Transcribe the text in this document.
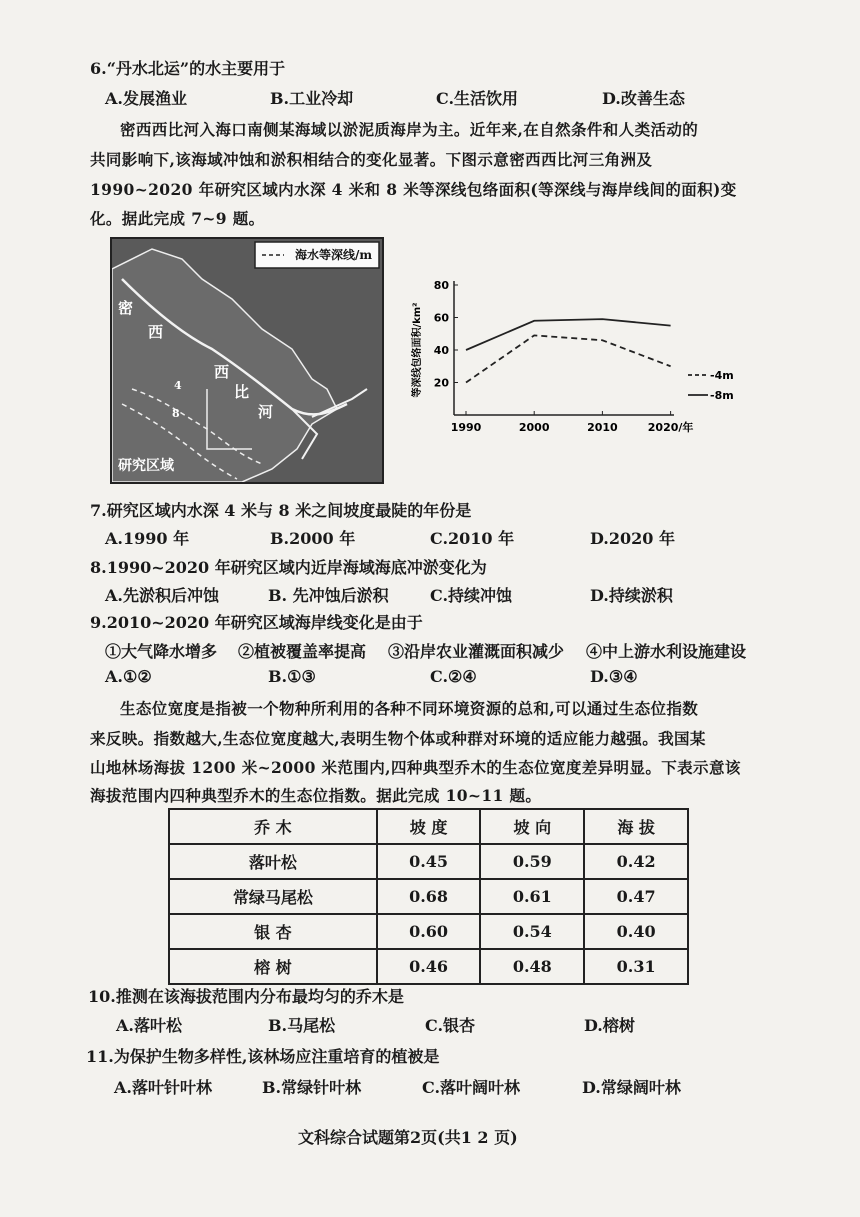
6.“丹水北运”的水主要用于
A.发展渔业	B.工业冷却	C.生活饮用	D.改善生态
密西西比河入海口南侧某海域以淤泥质海岸为主。近年来,在自然条件和人类活动的
共同影响下,该海域冲蚀和淤积相结合的变化显著。下图示意密西西比河三角洲及
1990~2020 年研究区域内水深 4 米和 8 米等深线包络面积(等深线与海岸线间的面积)变
化。据此完成 7~9 题。
海水等深线/m
密
西
西
比
河
4
8
研究区域
20
40
60
80
1990	2000	2010	2020/年
等深线包络面积/km²	-4m
-8m
7.研究区域内水深 4 米与 8 米之间坡度最陡的年份是
A.1990 年	B.2000 年	C.2010 年	D.2020 年
8.1990~2020 年研究区域内近岸海域海底冲淤变化为
A.先淤积后冲蚀	B. 先冲蚀后淤积	C.持续冲蚀	D.持续淤积
9.2010~2020 年研究区域海岸线变化是由于
①大气降水增多 ②植被覆盖率提高 ③沿岸农业灌溉面积减少 ④中上游水利设施建设
A.①②	B.①③	C.②④	D.③④
生态位宽度是指被一个物种所利用的各种不同环境资源的总和,可以通过生态位指数
来反映。指数越大,生态位宽度越大,表明生物个体或种群对环境的适应能力越强。我国某
山地林场海拔 1200 米~2000 米范围内,四种典型乔木的生态位宽度差异明显。下表示意该
海拔范围内四种典型乔木的生态位指数。据此完成 10~11 题。
乔 木	坡 度	坡 向	海 拔
落叶松	0.45	0.59	0.42
常绿马尾松	0.68	0.61	0.47
银 杏	0.60	0.54	0.40
榕 树	0.46	0.48	0.31
10.推测在该海拔范围内分布最均匀的乔木是
A.落叶松	B.马尾松	C.银杏	D.榕树
11.为保护生物多样性,该林场应注重培育的植被是
A.落叶针叶林	B.常绿针叶林	C.落叶阔叶林	D.常绿阔叶林
文科综合试题第2页(共1 2 页)
